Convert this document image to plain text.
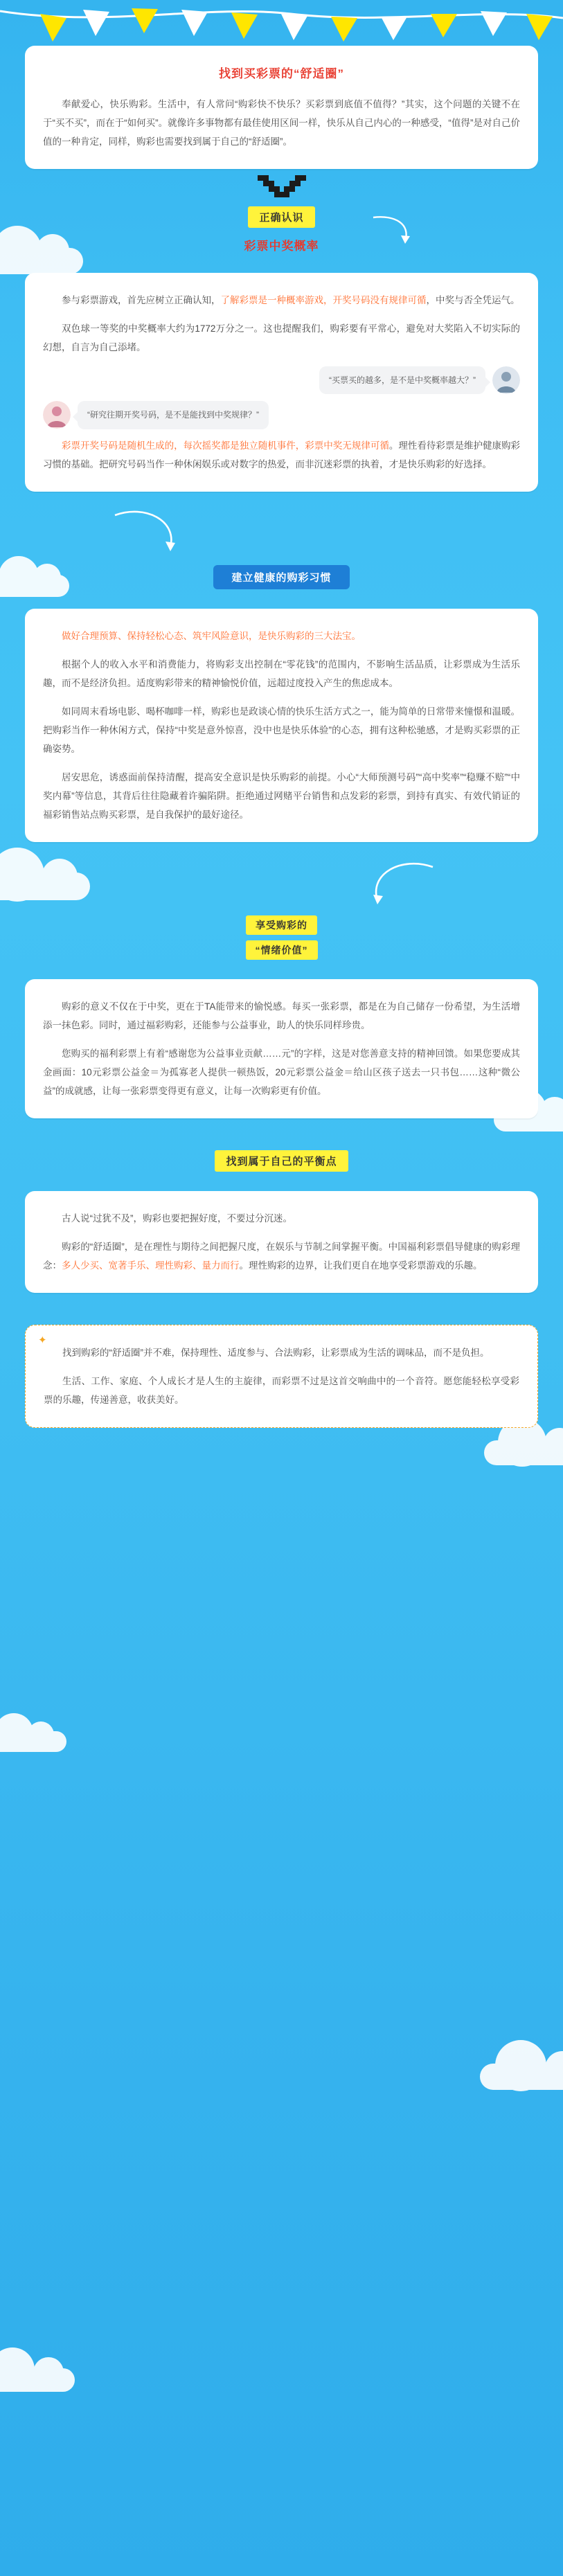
找到买彩票的“舒适圈”

奉献爱心，快乐购彩。生活中，有人常问“购彩快不快乐？买彩票到底值不值得？”其实，这个问题的关键不在于“买不买”，而在于“如何买”。就像许多事物都有最佳使用区间一样，快乐从自己内心的一种感受，“值得”是对自己价值的一种肯定，同样，购彩也需要找到属于自己的“舒适圈”。

正确认识
彩票中奖概率

参与彩票游戏，首先应树立正确认知，了解彩票是一种概率游戏，开奖号码没有规律可循，中奖与否全凭运气。

双色球一等奖的中奖概率大约为1772万分之一。这也提醒我们，购彩要有平常心，避免对大奖陷入不切实际的幻想，自言为自己添堵。

“买票买的越多，是不是中奖概率越大？”
“研究往期开奖号码，是不是能找到中奖规律？”

彩票开奖号码是随机生成的，每次摇奖都是独立随机事件，彩票中奖无规律可循。理性看待彩票是维护健康购彩习惯的基础。把研究号码当作一种休闲娱乐或对数字的热爱，而非沉迷彩票的执着，才是快乐购彩的好选择。

建立健康的购彩习惯

做好合理预算、保持轻松心态、筑牢风险意识，是快乐购彩的三大法宝。

根据个人的收入水平和消费能力，将购彩支出控制在“零花钱”的范围内，不影响生活品质，让彩票成为生活乐趣，而不是经济负担。适度购彩带来的精神愉悦价值，远超过度投入产生的焦虑成本。

如同周末看场电影、喝杯咖啡一样，购彩也是政谈心情的快乐生活方式之一，能为简单的日常带来憧憬和温暖。把购彩当作一种休闲方式，保持“中奖是意外惊喜，没中也是快乐体验”的心态，拥有这种松驰感，才是购买彩票的正确姿势。

居安思危，诱惑面前保持清醒，提高安全意识是快乐购彩的前提。小心“大师预测号码”“高中奖率”“稳赚不赔”“中奖内幕”等信息，其背后往往隐藏着许骗陷阱。拒绝通过网赌平台销售和点发彩的彩票，到持有真实、有效代销证的福彩销售站点购买彩票，是自我保护的最好途径。

享受购彩的
“情绪价值”

购彩的意义不仅在于中奖，更在于TA能带来的愉悦感。每买一张彩票，都是在为自己储存一份希望，为生活增添一抹色彩。同时，通过福彩购彩，还能参与公益事业，助人的快乐同样珍贵。

您购买的福利彩票上有着“感谢您为公益事业贡献……元”的字样，这是对您善意支持的精神回馈。如果您要成其金画面：10元彩票公益金＝为孤寡老人提供一顿热饭，20元彩票公益金＝给山区孩子送去一只书包……这种“微公益”的成就感，让每一张彩票变得更有意义，让每一次购彩更有价值。

找到属于自己的平衡点

古人说“过犹不及”，购彩也要把握好度，不要过分沉迷。

购彩的“舒适圈”，是在理性与期待之间把握尺度，在娱乐与节制之间掌握平衡。中国福利彩票倡导健康的购彩理念：多人少买、宽著手乐、理性购彩、量力而行。理性购彩的边界，让我们更自在地享受彩票游戏的乐趣。

✦

找到购彩的“舒适圈”并不难，保持理性、适度参与、合法购彩，让彩票成为生活的调味品，而不是负担。

生活、工作、家庭、个人成长才是人生的主旋律，而彩票不过是这首交响曲中的一个音符。愿您能轻松享受彩票的乐趣，传递善意，收获美好。
